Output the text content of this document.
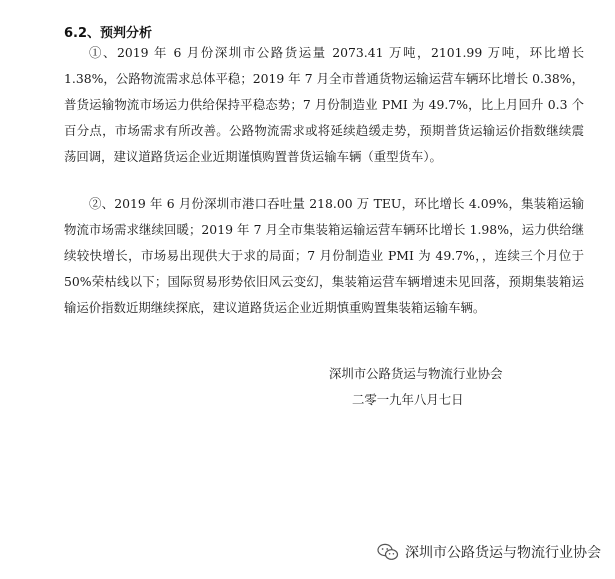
6.2、预判分析

①、2019 年 6 月份深圳市公路货运量 2073.41 万吨，2101.99 万吨，环比增长 1.38%，公路物流需求总体平稳；2019 年 7 月全市普通货物运输运营车辆环比增长 0.38%，普货运输物流市场运力供给保持平稳态势；7 月份制造业 PMI 为 49.7%，比上月回升 0.3 个百分点，市场需求有所改善。公路物流需求或将延续趋缓走势，预期普货运输运价指数继续震荡回调，建议道路货运企业近期谨慎购置普货运输车辆（重型货车）。

②、2019 年 6 月份深圳市港口吞吐量 218.00 万 TEU，环比增长 4.09%，集装箱运输物流市场需求继续回暖；2019 年 7 月全市集装箱运输运营车辆环比增长 1.98%，运力供给继续较快增长，市场易出现供大于求的局面；7 月份制造业 PMI 为 49.7%，，连续三个月位于 50%荣枯线以下；国际贸易形势依旧风云变幻，集装箱运营车辆增速未见回落，预期集装箱运输运价指数近期继续探底，建议道路货运企业近期慎重购置集装箱运输车辆。

深圳市公路货运与物流行业协会
二零一九年八月七日
深圳市公路货运与物流行业协会
